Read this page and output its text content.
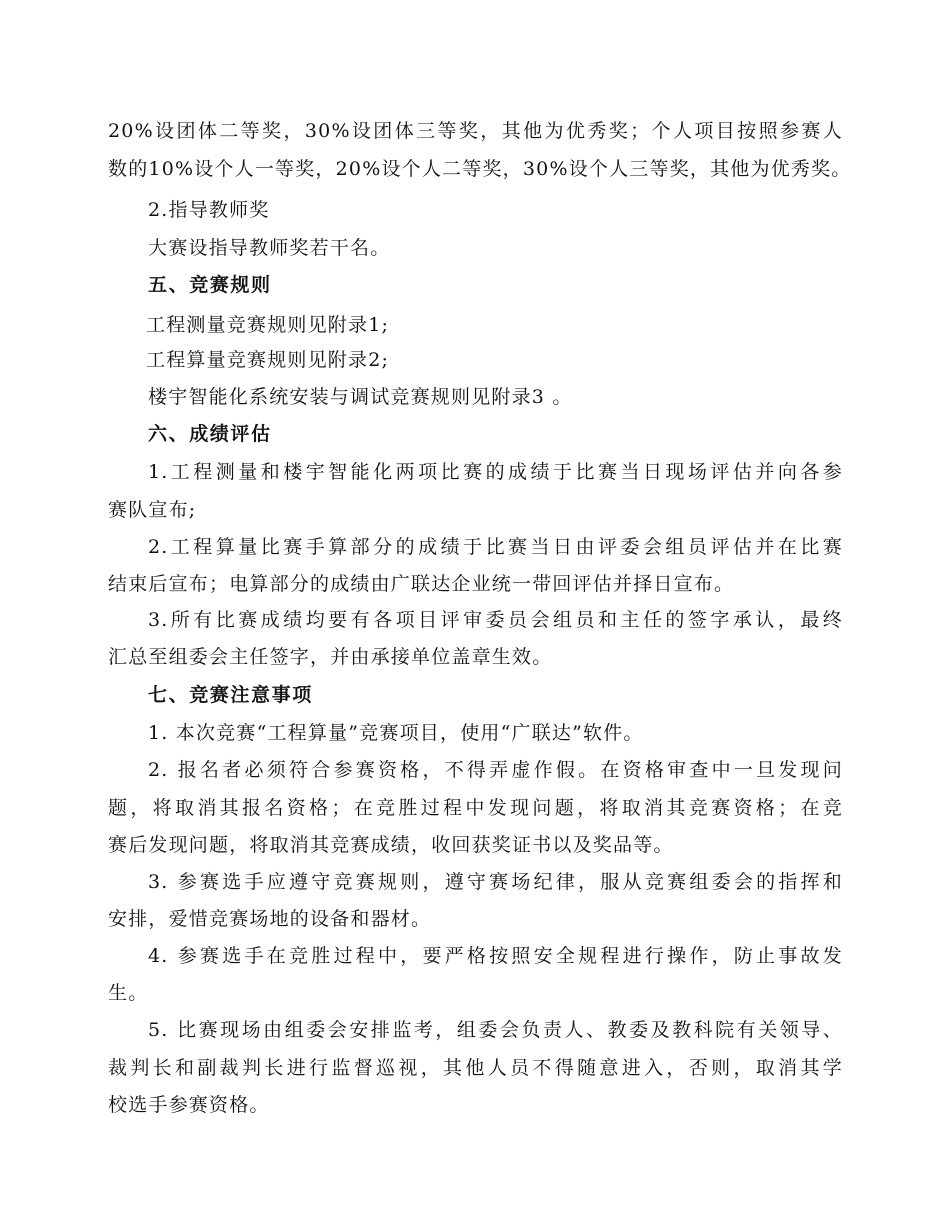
20%设团体二等奖，30%设团体三等奖，其他为优秀奖；个人项目按照参赛人
数的10%设个人一等奖，20%设个人二等奖，30%设个人三等奖，其他为优秀奖。
2.指导教师奖
大赛设指导教师奖若干名。
五、竞赛规则
工程测量竞赛规则见附录1;
工程算量竞赛规则见附录2;
楼宇智能化系统安装与调试竞赛规则见附录3 。
六、成绩评估
1.工程测量和楼宇智能化两项比赛的成绩于比赛当日现场评估并向各参
赛队宣布;
2.工程算量比赛手算部分的成绩于比赛当日由评委会组员评估并在比赛
结束后宣布；电算部分的成绩由广联达企业统一带回评估并择日宣布。
3.所有比赛成绩均要有各项目评审委员会组员和主任的签字承认，最终
汇总至组委会主任签字，并由承接单位盖章生效。
七、竞赛注意事项
1. 本次竞赛“工程算量”竞赛项目，使用“广联达”软件。
2. 报名者必须符合参赛资格，不得弄虚作假。在资格审查中一旦发现问
题，将取消其报名资格；在竞胜过程中发现问题，将取消其竞赛资格；在竞
赛后发现问题，将取消其竞赛成绩，收回获奖证书以及奖品等。
3. 参赛选手应遵守竞赛规则，遵守赛场纪律，服从竞赛组委会的指挥和
安排，爱惜竞赛场地的设备和器材。
4. 参赛选手在竞胜过程中，要严格按照安全规程进行操作，防止事故发
生。
5. 比赛现场由组委会安排监考，组委会负责人、教委及教科院有关领导、
裁判长和副裁判长进行监督巡视，其他人员不得随意进入，否则，取消其学
校选手参赛资格。
